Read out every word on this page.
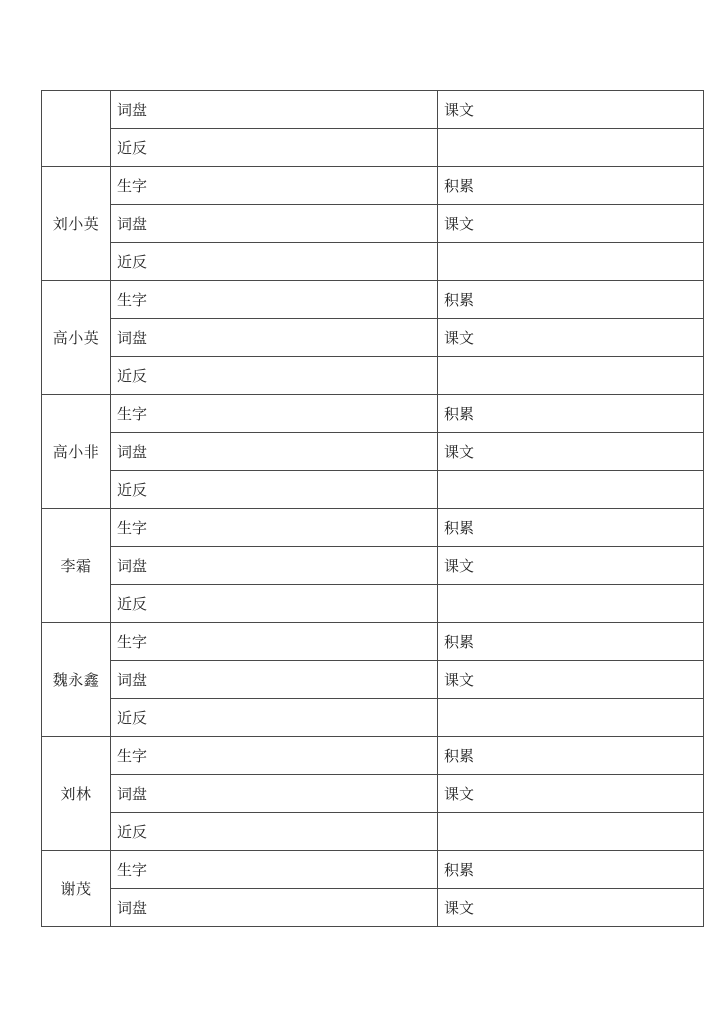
	词盘	课文
	近反	
刘小英	生字	积累
	词盘	课文
	近反	
高小英	生字	积累
	词盘	课文
	近反	
高小非	生字	积累
	词盘	课文
	近反	
李霜	生字	积累
	词盘	课文
	近反	
魏永鑫	生字	积累
	词盘	课文
	近反	
刘林	生字	积累
	词盘	课文
	近反	
谢茂	生字	积累
	词盘	课文
